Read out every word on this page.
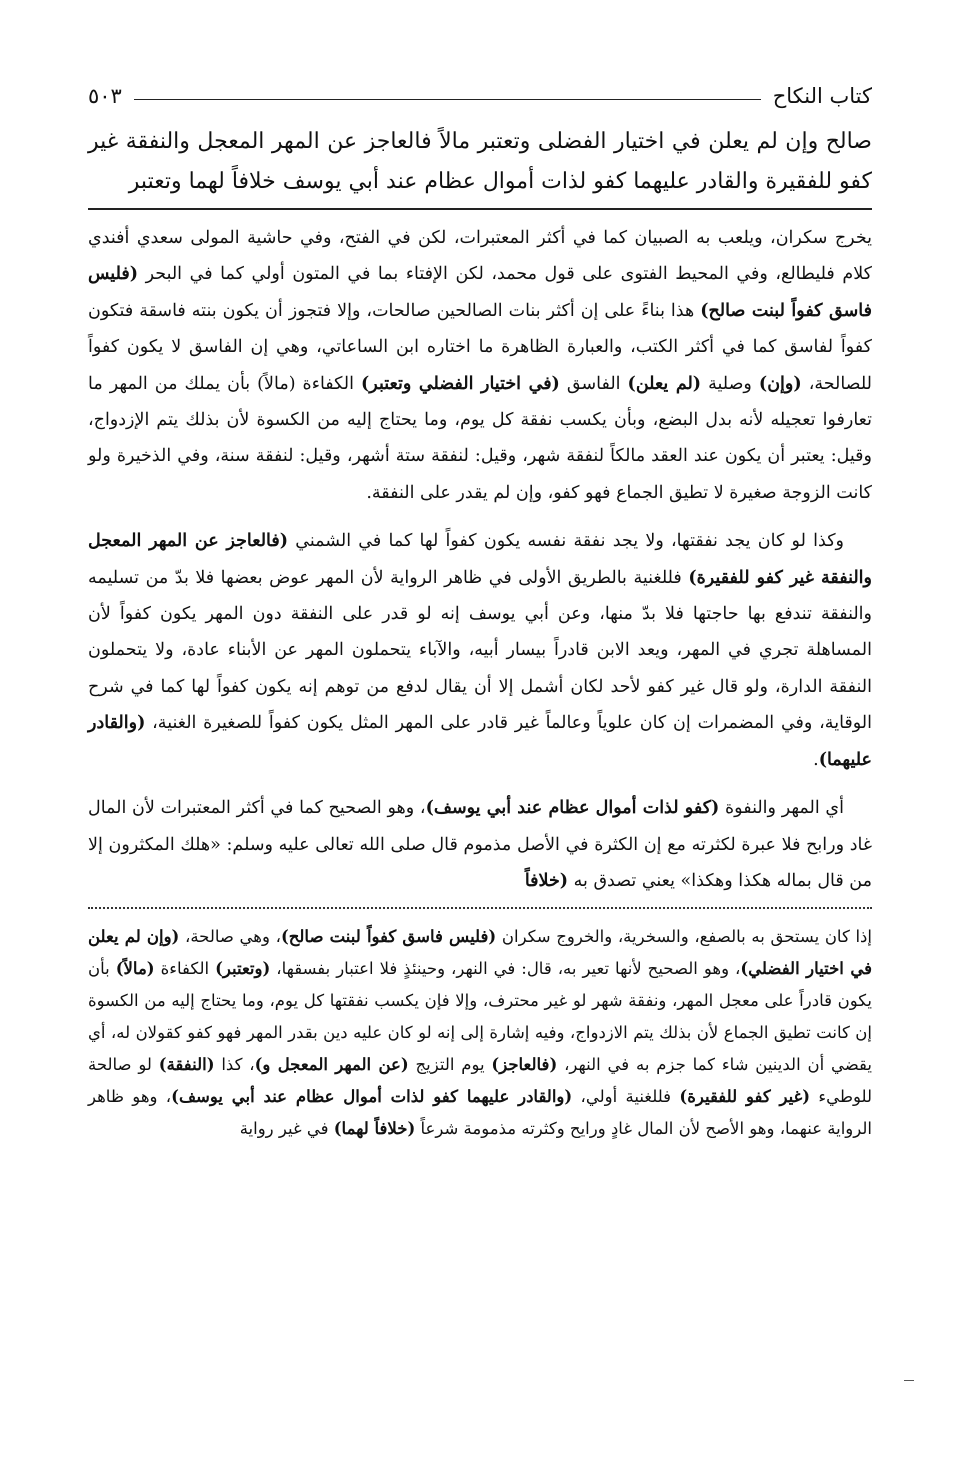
كتاب النكاح
٥٠٣

صالح وإن لم يعلن في اختيار الفضلى وتعتبر مالاً فالعاجز عن المهر المعجل والنفقة غير كفو للفقيرة والقادر عليهما كفو لذات أموال عظام عند أبي يوسف خلافاً لهما وتعتبر

يخرج سكران، ويلعب به الصبيان كما في أكثر المعتبرات، لكن في الفتح، وفي حاشية المولى سعدي أفندي كلام فليطالع، وفي المحيط الفتوى على قول محمد، لكن الإفتاء بما في المتون أولي كما في البحر (فليس فاسق كفواً لبنت صالح) هذا بناءً على إن أكثر بنات الصالحين صالحات، وإلا فتجوز أن يكون بنته فاسقة فتكون كفواً لفاسق كما في أكثر الكتب، والعبارة الظاهرة ما اختاره ابن الساعاتي، وهي إن الفاسق لا يكون كفواً للصالحة، (وإن) وصلية (لم يعلن) الفاسق (في اختيار الفضلي وتعتبر) الكفاءة (مالاً) بأن يملك من المهر ما تعارفوا تعجيله لأنه بدل البضع، وبأن يكسب نفقة كل يوم، وما يحتاج إليه من الكسوة لأن بذلك يتم الإزدواج، وقيل: يعتبر أن يكون عند العقد مالكاً لنفقة شهر، وقيل: لنفقة ستة أشهر، وقيل: لنفقة سنة، وفي الذخيرة ولو كانت الزوجة صغيرة لا تطيق الجماع فهو كفو، وإن لم يقدر على النفقة.

وكذا لو كان يجد نفقتها، ولا يجد نفقة نفسه يكون كفواً لها كما في الشمني (فالعاجز عن المهر المعجل والنفقة غير كفو للفقيرة) فللغنية بالطريق الأولى في ظاهر الرواية لأن المهر عوض بعضها فلا بدّ من تسليمه والنفقة تندفع بها حاجتها فلا بدّ منها، وعن أبي يوسف إنه لو قدر على النفقة دون المهر يكون كفواً لأن المساهلة تجري في المهر، ويعد الابن قادراً بيسار أبيه، والآباء يتحملون المهر عن الأبناء عادة، ولا يتحملون النفقة الدارة، ولو قال غير كفو لأحد لكان أشمل إلا أن يقال لدفع من توهم إنه يكون كفواً لها كما في شرح الوقاية، وفي المضمرات إن كان علوياً وعالماً غير قادر على المهر المثل يكون كفواً للصغيرة الغنية، (والقادر عليهما).

أي المهر والنفوة (كفو لذات أموال عظام عند أبي يوسف)، وهو الصحيح كما في أكثر المعتبرات لأن المال غاد ورابح فلا عبرة لكثرته مع إن الكثرة في الأصل مذموم قال صلى الله تعالى عليه وسلم: «هلك المكثرون إلا من قال بماله هكذا وهكذا» يعني تصدق به (خلافاً

إذا كان يستحق به بالصفع، والسخرية، والخروج سكران (فليس فاسق كفواً لبنت صالح)، وهي صالحة، (وإن لم يعلن في اختيار الفضلي)، وهو الصحيح لأنها تعير به، قال: في النهر، وحينئذٍ فلا اعتبار بفسقها، (وتعتبر) الكفاءة (مالاً) بأن يكون قادراً على معجل المهر، ونفقة شهر لو غير محترف، وإلا فإن يكسب نفقتها كل يوم، وما يحتاج إليه من الكسوة إن كانت تطيق الجماع لأن بذلك يتم الازدواج، وفيه إشارة إلى إنه لو كان عليه دين بقدر المهر فهو كفو كقولان له، أي يقضي أن الدينين شاء كما جزم به في النهر، (فالعاجز) يوم التزيج (عن المهر المعجل و)، كذا (النفقة) لو صالحة للوطيء (غير كفو للفقيرة) فللغنية أولي، (والقادر عليهما كفو لذات أموال عظام عند أبي يوسف)، وهو ظاهر الرواية عنهما، وهو الأصح لأن المال غادٍ ورايح وكثرته مذمومة شرعاً (خلافاً لهما) في غير رواية
